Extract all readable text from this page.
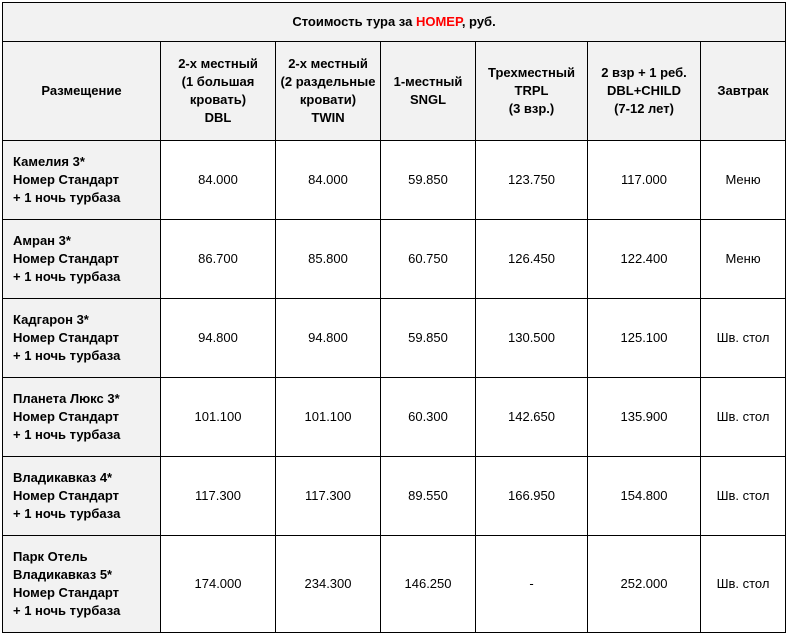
Стоимость тура за НОМЕР, руб.						
Размещение	2-х местный
(1 большая
кровать)
DBL	2-х местный
(2 раздельные
кровати)
TWIN	1-местный
SNGL	Трехместный
TRPL
(3 взр.)	2 взр + 1 реб.
DBL+CHILD
(7-12 лет)	Завтрак
Камелия 3*
Номер Стандарт
+ 1 ночь турбаза	84.000	84.000	59.850	123.750	117.000	Меню
Амран 3*
Номер Стандарт
+ 1 ночь турбаза	86.700	85.800	60.750	126.450	122.400	Меню
Кадгарон 3*
Номер Стандарт
+ 1 ночь турбаза	94.800	94.800	59.850	130.500	125.100	Шв. стол
Планета Люкс 3*
Номер Стандарт
+ 1 ночь турбаза	101.100	101.100	60.300	142.650	135.900	Шв. стол
Владикавказ 4*
Номер Стандарт
+ 1 ночь турбаза	117.300	117.300	89.550	166.950	154.800	Шв. стол
Парк Отель
Владикавказ 5*
Номер Стандарт
+ 1 ночь турбаза	174.000	234.300	146.250	-	252.000	Шв. стол
